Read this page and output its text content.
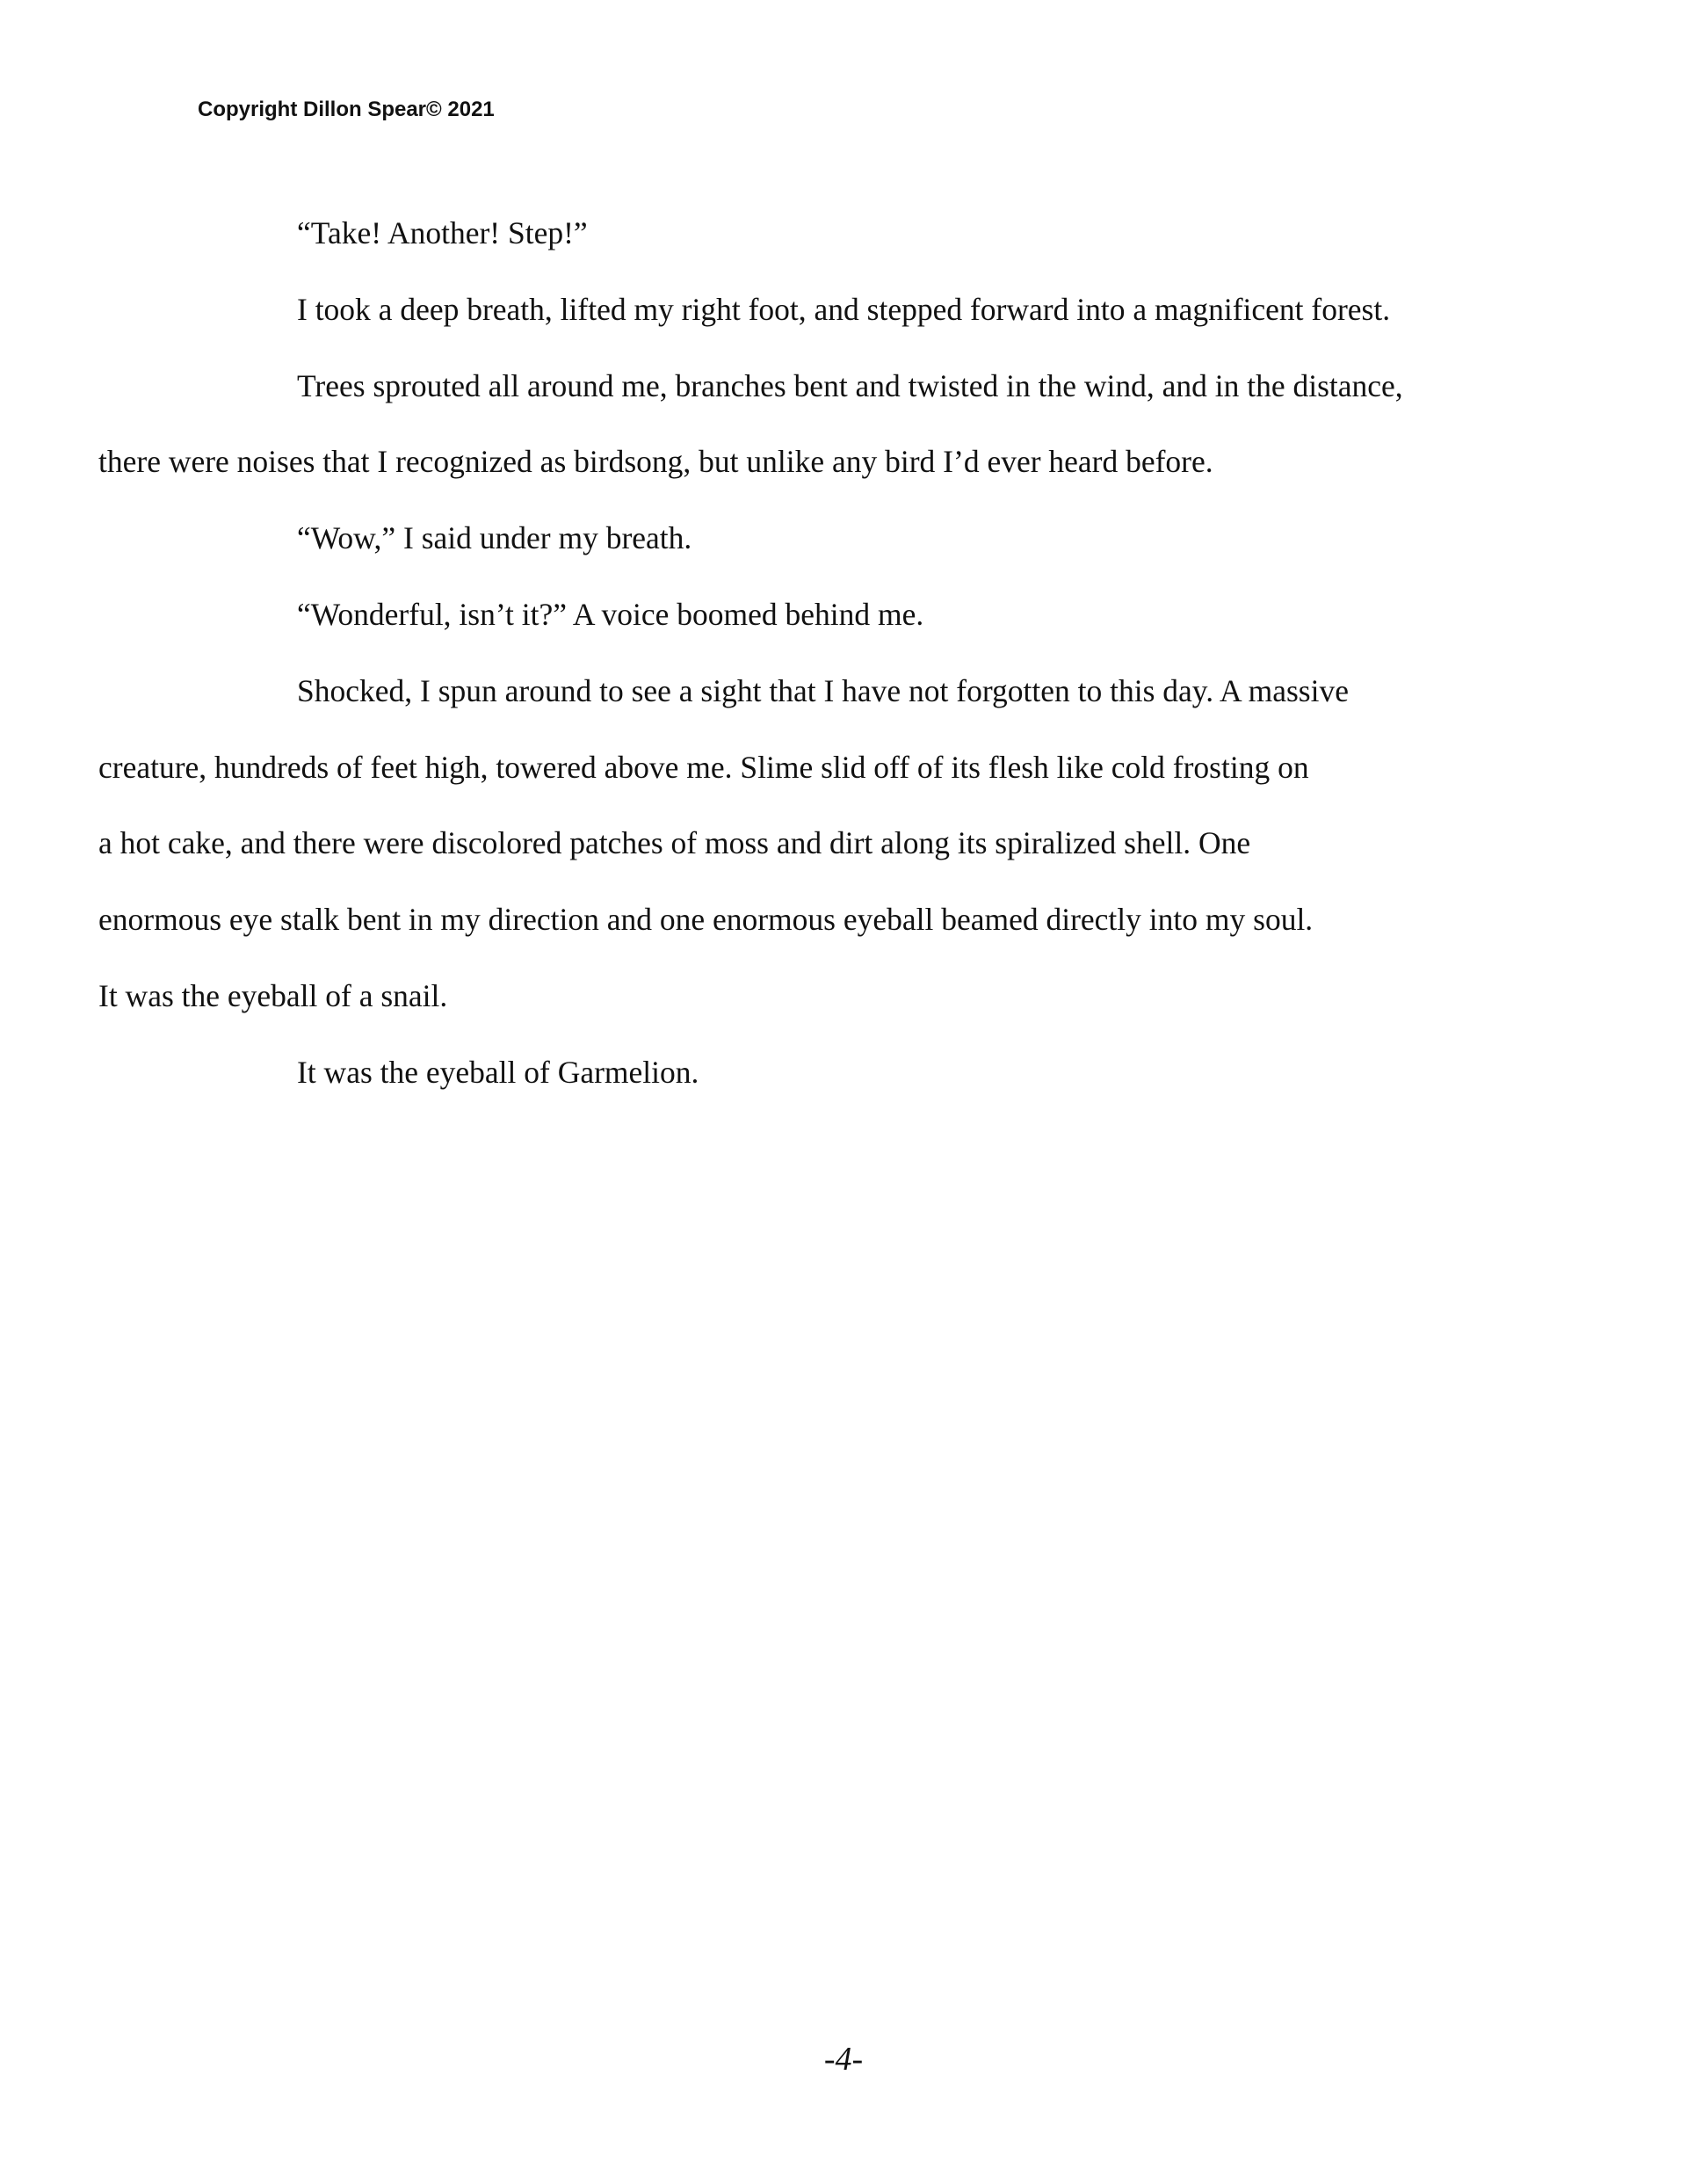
Copyright Dillon Spear© 2021

“Take! Another! Step!”

I took a deep breath, lifted my right foot, and stepped forward into a magnificent forest.

Trees sprouted all around me, branches bent and twisted in the wind, and in the distance,
there were noises that I recognized as birdsong, but unlike any bird I’d ever heard before.

“Wow,” I said under my breath.

“Wonderful, isn’t it?” A voice boomed behind me.

Shocked, I spun around to see a sight that I have not forgotten to this day. A massive
creature, hundreds of feet high, towered above me. Slime slid off of its flesh like cold frosting on
a hot cake, and there were discolored patches of moss and dirt along its spiralized shell. One
enormous eye stalk bent in my direction and one enormous eyeball beamed directly into my soul.
It was the eyeball of a snail.

It was the eyeball of Garmelion.

-4-
